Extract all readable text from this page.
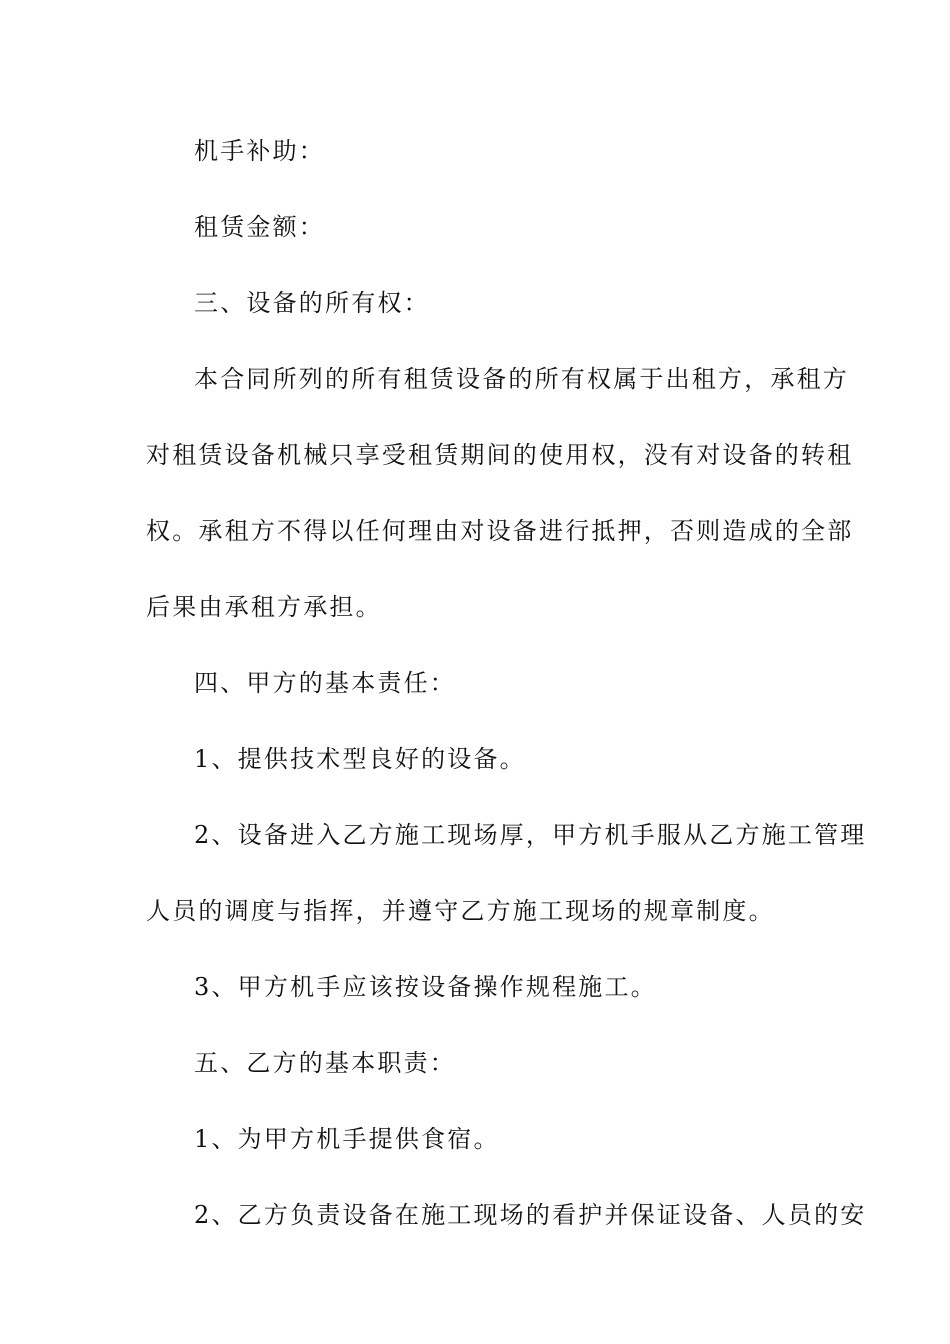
机手补助：
租赁金额：
三、设备的所有权：
本合同所列的所有租赁设备的所有权属于出租方，承租方
对租赁设备机械只享受租赁期间的使用权，没有对设备的转租
权。承租方不得以任何理由对设备进行抵押，否则造成的全部
后果由承租方承担。
四、甲方的基本责任：
1、提供技术型良好的设备。
2、设备进入乙方施工现场厚，甲方机手服从乙方施工管理
人员的调度与指挥，并遵守乙方施工现场的规章制度。
3、甲方机手应该按设备操作规程施工。
五、乙方的基本职责：
1、为甲方机手提供食宿。
2、乙方负责设备在施工现场的看护并保证设备、人员的安
